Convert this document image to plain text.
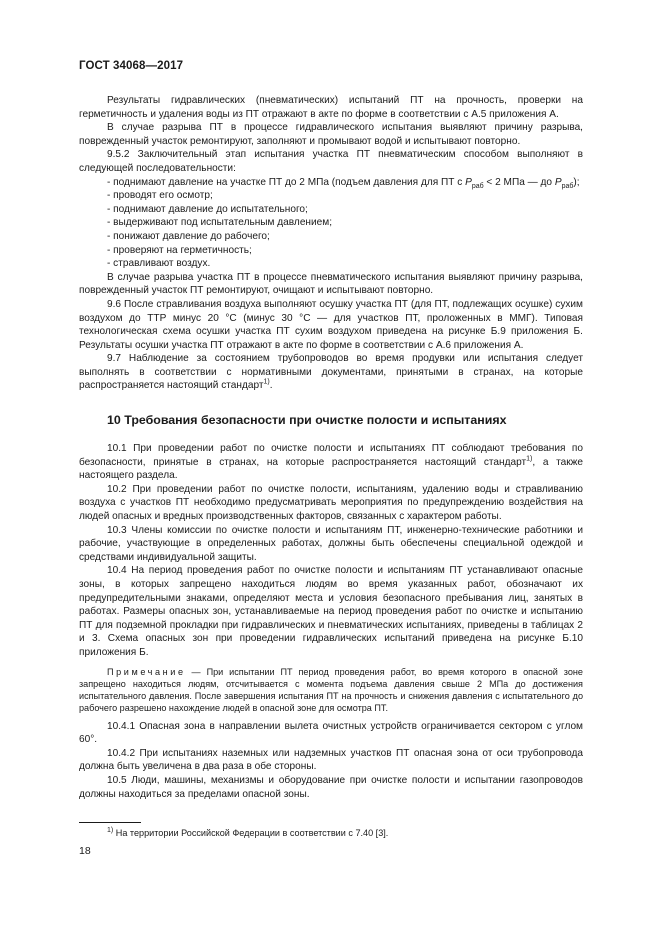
ГОСТ 34068—2017

Результаты гидравлических (пневматических) испытаний ПТ на прочность, проверки на герметичность и удаления воды из ПТ отражают в акте по форме в соответствии с А.5 приложения А.

В случае разрыва ПТ в процессе гидравлического испытания выявляют причину разрыва, поврежденный участок ремонтируют, заполняют и промывают водой и испытывают повторно.

9.5.2 Заключительный этап испытания участка ПТ пневматическим способом выполняют в следующей последовательности:

- поднимают давление на участке ПТ до 2 МПа (подъем давления для ПТ с $P_{раб} < 2$ МПа — до $P_{раб}$);

- проводят его осмотр;

- поднимают давление до испытательного;

- выдерживают под испытательным давлением;

- понижают давление до рабочего;

- проверяют на герметичность;

- стравливают воздух.

В случае разрыва участка ПТ в процессе пневматического испытания выявляют причину разрыва, поврежденный участок ПТ ремонтируют, очищают и испытывают повторно.

9.6 После стравливания воздуха выполняют осушку участка ПТ (для ПТ, подлежащих осушке) сухим воздухом до ТТР минус 20 °С (минус 30 °С — для участков ПТ, проложенных в ММГ). Типовая технологическая схема осушки участка ПТ сухим воздухом приведена на рисунке Б.9 приложения Б. Результаты осушки участка ПТ отражают в акте по форме в соответствии с А.6 приложения А.

9.7 Наблюдение за состоянием трубопроводов во время продувки или испытания следует выполнять в соответствии с нормативными документами, принятыми в странах, на которые распространяется настоящий стандарт$^{1)}$.

10 Требования безопасности при очистке полости и испытаниях

10.1 При проведении работ по очистке полости и испытаниях ПТ соблюдают требования по безопасности, принятые в странах, на которые распространяется настоящий стандарт$^{1)}$, а также настоящего раздела.

10.2 При проведении работ по очистке полости, испытаниям, удалению воды и стравливанию воздуха с участков ПТ необходимо предусматривать мероприятия по предупреждению воздействия на людей опасных и вредных производственных факторов, связанных с характером работы.

10.3 Члены комиссии по очистке полости и испытаниям ПТ, инженерно-технические работники и рабочие, участвующие в определенных работах, должны быть обеспечены специальной одеждой и средствами индивидуальной защиты.

10.4 На период проведения работ по очистке полости и испытаниям ПТ устанавливают опасные зоны, в которых запрещено находиться людям во время указанных работ, обозначают их предупредительными знаками, определяют места и условия безопасного пребывания лиц, занятых в работах. Размеры опасных зон, устанавливаемые на период проведения работ по очистке и испытанию ПТ для подземной прокладки при гидравлических и пневматических испытаниях, приведены в таблицах 2 и 3. Схема опасных зон при проведении гидравлических испытаний приведена на рисунке Б.10 приложения Б.

Примечание — При испытании ПТ период проведения работ, во время которого в опасной зоне запрещено находиться людям, отсчитывается с момента подъема давления свыше 2 МПа до достижения испытательного давления. После завершения испытания ПТ на прочность и снижения давления с испытательного до рабочего разрешено нахождение людей в опасной зоне для осмотра ПТ.

10.4.1 Опасная зона в направлении вылета очистных устройств ограничивается сектором с углом 60°.

10.4.2 При испытаниях наземных или надземных участков ПТ опасная зона от оси трубопровода должна быть увеличена в два раза в обе стороны.

10.5 Люди, машины, механизмы и оборудование при очистке полости и испытании газопроводов должны находиться за пределами опасной зоны.

$^{1)}$ На территории Российской Федерации в соответствии с 7.40 [3].
18
